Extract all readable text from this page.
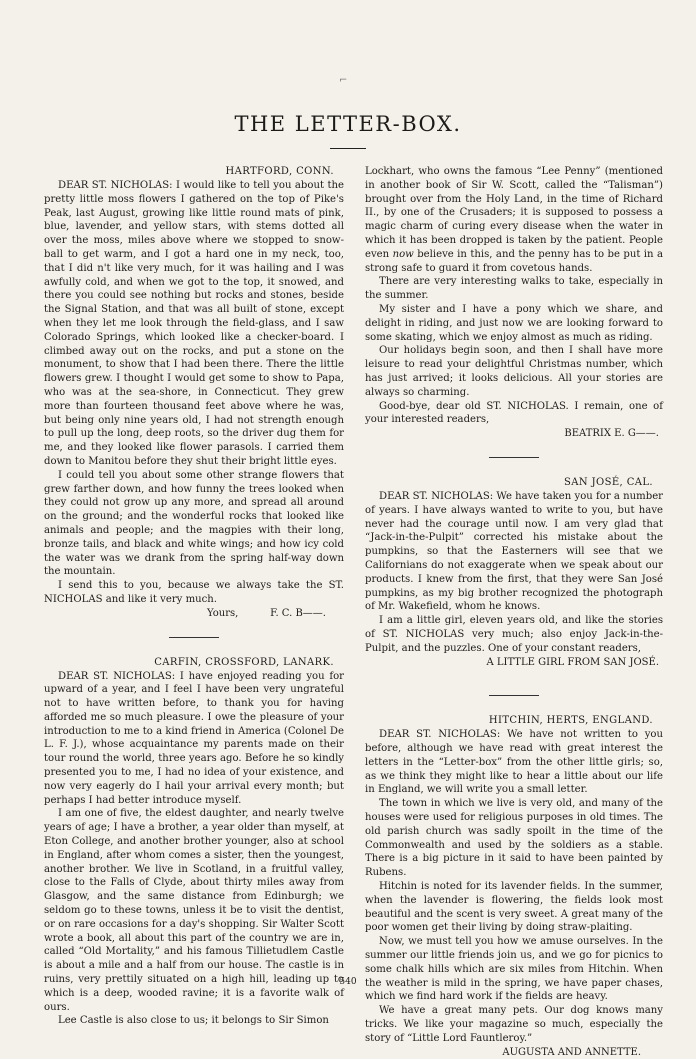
⌐
THE LETTER-BOX.
HARTFORD, CONN.

DEAR ST. NICHOLAS: I would like to tell you about the pretty little moss flowers I gathered on the top of Pike's Peak, last August, growing like little round mats of pink, blue, lavender, and yellow stars, with stems dotted all over the moss, miles above where we stopped to snow-ball to get warm, and I got a hard one in my neck, too, that I did n't like very much, for it was hailing and I was awfully cold, and when we got to the top, it snowed, and there you could see nothing but rocks and stones, beside the Signal Station, and that was all built of stone, except when they let me look through the field-glass, and I saw Colorado Springs, which looked like a checker-board. I climbed away out on the rocks, and put a stone on the monument, to show that I had been there. There the little flowers grew. I thought I would get some to show to Papa, who was at the sea-shore, in Connecticut. They grew more than fourteen thousand feet above where he was, but being only nine years old, I had not strength enough to pull up the long, deep roots, so the driver dug them for me, and they looked like flower parasols. I carried them down to Manitou before they shut their bright little eyes.

I could tell you about some other strange flowers that grew farther down, and how funny the trees looked when they could not grow up any more, and spread all around on the ground; and the wonderful rocks that looked like animals and people; and the magpies with their long, bronze tails, and black and white wings; and how icy cold the water was we drank from the spring half-way down the mountain.

I send this to you, because we always take the ST. NICHOLAS and like it very much.

Yours,          F. C. B——.
CARFIN, CROSSFORD, LANARK.

DEAR ST. NICHOLAS: I have enjoyed reading you for upward of a year, and I feel I have been very ungrateful not to have written before, to thank you for having afforded me so much pleasure. I owe the pleasure of your introduction to me to a kind friend in America (Colonel De L. F. J.), whose acquaintance my parents made on their tour round the world, three years ago. Before he so kindly presented you to me, I had no idea of your existence, and now very eagerly do I hail your arrival every month; but perhaps I had better introduce myself.

I am one of five, the eldest daughter, and nearly twelve years of age; I have a brother, a year older than myself, at Eton College, and another brother younger, also at school in England, after whom comes a sister, then the youngest, another brother. We live in Scotland, in a fruitful valley, close to the Falls of Clyde, about thirty miles away from Glasgow, and the same distance from Edinburgh; we seldom go to these towns, unless it be to visit the dentist, or on rare occasions for a day's shopping. Sir Walter Scott wrote a book, all about this part of the country we are in, called “Old Mortality,” and his famous Tillietudlem Castle is about a mile and a half from our house. The castle is in ruins, very prettily situated on a high hill, leading up to which is a deep, wooded ravine; it is a favorite walk of ours.

Lee Castle is also close to us; it belongs to Sir Simon

Lockhart, who owns the famous “Lee Penny” (mentioned in another book of Sir W. Scott, called the “Talisman”) brought over from the Holy Land, in the time of Richard II., by one of the Crusaders; it is supposed to possess a magic charm of curing every disease when the water in which it has been dropped is taken by the patient. People even now believe in this, and the penny has to be put in a strong safe to guard it from covetous hands.

There are very interesting walks to take, especially in the summer.

My sister and I have a pony which we share, and delight in riding, and just now we are looking forward to some skating, which we enjoy almost as much as riding.

Our holidays begin soon, and then I shall have more leisure to read your delightful Christmas number, which has just arrived; it looks delicious. All your stories are always so charming.

Good-bye, dear old ST. NICHOLAS. I remain, one of your interested readers,

BEATRIX E. G——.
SAN JOSÉ, CAL.

DEAR ST. NICHOLAS: We have taken you for a number of years. I have always wanted to write to you, but have never had the courage until now. I am very glad that “Jack-in-the-Pulpit” corrected his mistake about the pumpkins, so that the Easterners will see that we Californians do not exaggerate when we speak about our products. I knew from the first, that they were San José pumpkins, as my big brother recognized the photograph of Mr. Wakefield, whom he knows.

I am a little girl, eleven years old, and like the stories of ST. NICHOLAS very much; also enjoy Jack-in-the-Pulpit, and the puzzles. One of your constant readers,

A LITTLE GIRL FROM SAN JOSÉ.
HITCHIN, HERTS, ENGLAND.

DEAR ST. NICHOLAS: We have not written to you before, although we have read with great interest the letters in the “Letter-box” from the other little girls; so, as we think they might like to hear a little about our life in England, we will write you a small letter.

The town in which we live is very old, and many of the houses were used for religious purposes in old times. The old parish church was sadly spoilt in the time of the Commonwealth and used by the soldiers as a stable. There is a big picture in it said to have been painted by Rubens.

Hitchin is noted for its lavender fields. In the summer, when the lavender is flowering, the fields look most beautiful and the scent is very sweet. A great many of the poor women get their living by doing straw-plaiting.

Now, we must tell you how we amuse ourselves. In the summer our little friends join us, and we go for picnics to some chalk hills which are six miles from Hitchin. When the weather is mild in the spring, we have paper chases, which we find hard work if the fields are heavy.

We have a great many pets. Our dog knows many tricks. We like your magazine so much, especially the story of “Little Lord Fauntleroy.”

AUGUSTA AND ANNETTE.
540
